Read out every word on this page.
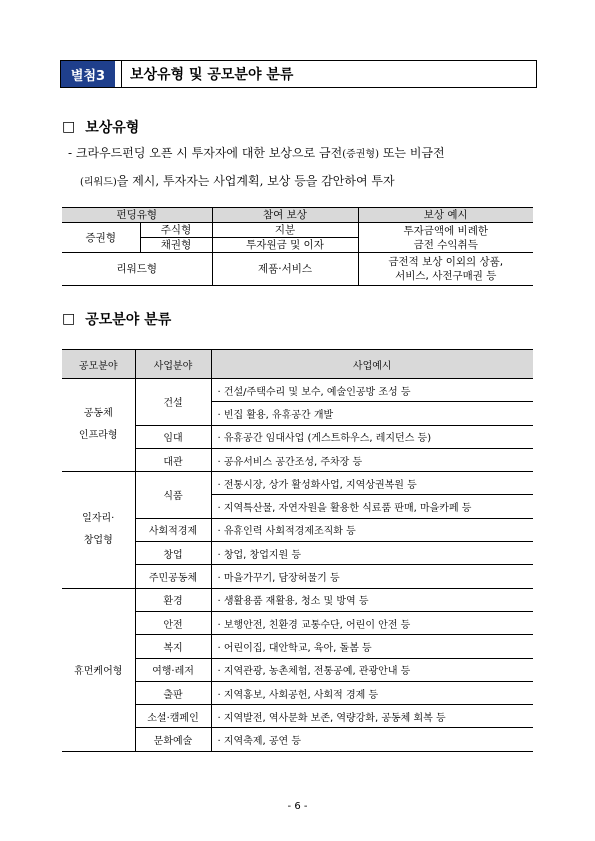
별첨3	보상유형 및 공모분야 분류
□ 보상유형
- 크라우드펀딩 오픈 시 투자자에 대한 보상으로 금전(증권형) 또는 비금전
(리워드)을 제시, 투자자는 사업계획, 보상 등을 감안하여 투자
펀딩유형		참여 보상	보상 예시
증권형	주식형	지분	투자금액에 비례한
금전 수익취득

	채권형	투자원금 및 이자	
리워드형		제품·서비스	금전적 보상 이외의 상품,
서비스, 사전구매권 등
□ 공모분야 분류
공모분야	사업분야	사업예시

공동체
인프라형	건설	· 건설/주택수리 및 보수, 예술인공방 조성 등
		· 빈집 활용, 유휴공간 개발
	임대	· 유휴공간 임대사업 (게스트하우스, 레지던스 등)
	대관	· 공유서비스 공간조성, 주차장 등

일자리·
창업형	식품	· 전통시장, 상가 활성화사업, 지역상권복원 등
		· 지역특산물, 자연자원을 활용한 식료품 판매, 마을카페 등
	사회적경제	· 유휴인력 사회적경제조직화 등
	창업	· 창업, 창업지원 등
	주민공동체	· 마을가꾸기, 담장허물기 등
휴먼케어형	환경	· 생활용품 재활용, 청소 및 방역 등
	안전	· 보행안전, 친환경 교통수단, 어린이 안전 등
	복지	· 어린이집, 대안학교, 육아, 돌봄 등
	여행·레저	· 지역관광, 농촌체험, 전통공예, 관광안내 등
	출판	· 지역홍보, 사회공헌, 사회적 경제 등
	소셜·캠페인	· 지역발전, 역사문화 보존, 역량강화, 공동체 회복 등
	문화예술	· 지역축제, 공연 등
- 6 -
